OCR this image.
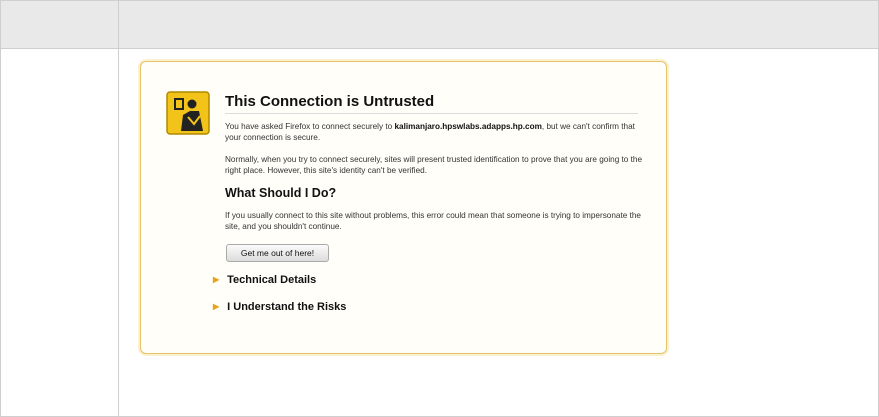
This Connection is Untrusted
You have asked Firefox to connect securely to kalimanjaro.hpswlabs.adapps.hp.com, but we can't confirm that your connection is secure.
Normally, when you try to connect securely, sites will present trusted identification to prove that you are going to the right place. However, this site's identity can't be verified.
What Should I Do?
If you usually connect to this site without problems, this error could mean that someone is trying to impersonate the site, and you shouldn't continue.
Get me out of here!
▶ Technical Details
▶ I Understand the Risks
